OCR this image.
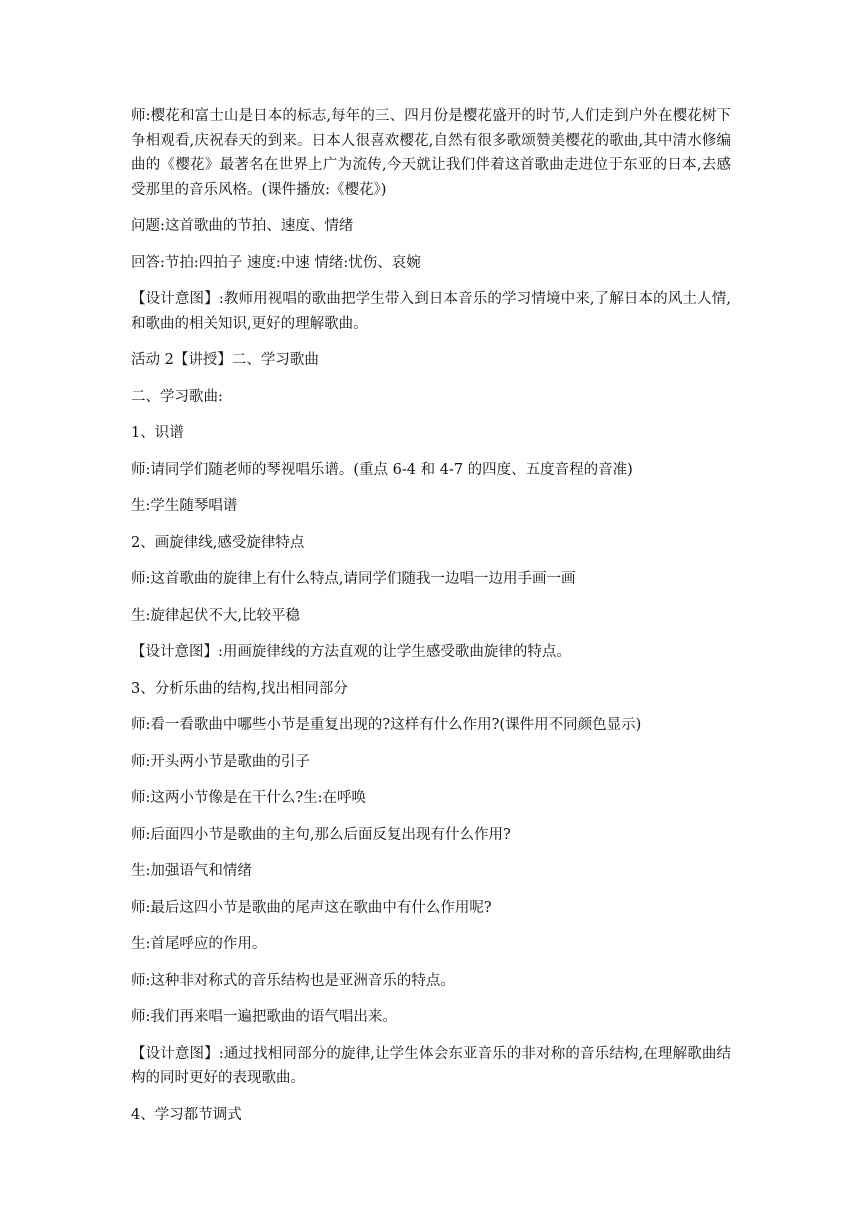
师:樱花和富士山是日本的标志,每年的三、四月份是樱花盛开的时节,人们走到户外在樱花树下争相观看,庆祝春天的到来。日本人很喜欢樱花,自然有很多歌颂赞美樱花的歌曲,其中清水修编曲的《樱花》最著名在世界上广为流传,今天就让我们伴着这首歌曲走进位于东亚的日本,去感受那里的音乐风格。(课件播放:《樱花》)

问题:这首歌曲的节拍、速度、情绪

回答:节拍:四拍子 速度:中速 情绪:忧伤、哀婉

【设计意图】:教师用视唱的歌曲把学生带入到日本音乐的学习情境中来,了解日本的风土人情,和歌曲的相关知识,更好的理解歌曲。

活动 2【讲授】二、学习歌曲

二、学习歌曲:

1、识谱

师:请同学们随老师的琴视唱乐谱。(重点 6-4 和 4-7 的四度、五度音程的音准)

生:学生随琴唱谱

2、画旋律线,感受旋律特点

师:这首歌曲的旋律上有什么特点,请同学们随我一边唱一边用手画一画

生:旋律起伏不大,比较平稳

【设计意图】:用画旋律线的方法直观的让学生感受歌曲旋律的特点。

3、分析乐曲的结构,找出相同部分

师:看一看歌曲中哪些小节是重复出现的?这样有什么作用?(课件用不同颜色显示)

师:开头两小节是歌曲的引子

师:这两小节像是在干什么?生:在呼唤

师:后面四小节是歌曲的主句,那么后面反复出现有什么作用?

生:加强语气和情绪

师:最后这四小节是歌曲的尾声这在歌曲中有什么作用呢?

生:首尾呼应的作用。

师:这种非对称式的音乐结构也是亚洲音乐的特点。

师:我们再来唱一遍把歌曲的语气唱出来。

【设计意图】:通过找相同部分的旋律,让学生体会东亚音乐的非对称的音乐结构,在理解歌曲结构的同时更好的表现歌曲。

4、学习都节调式
